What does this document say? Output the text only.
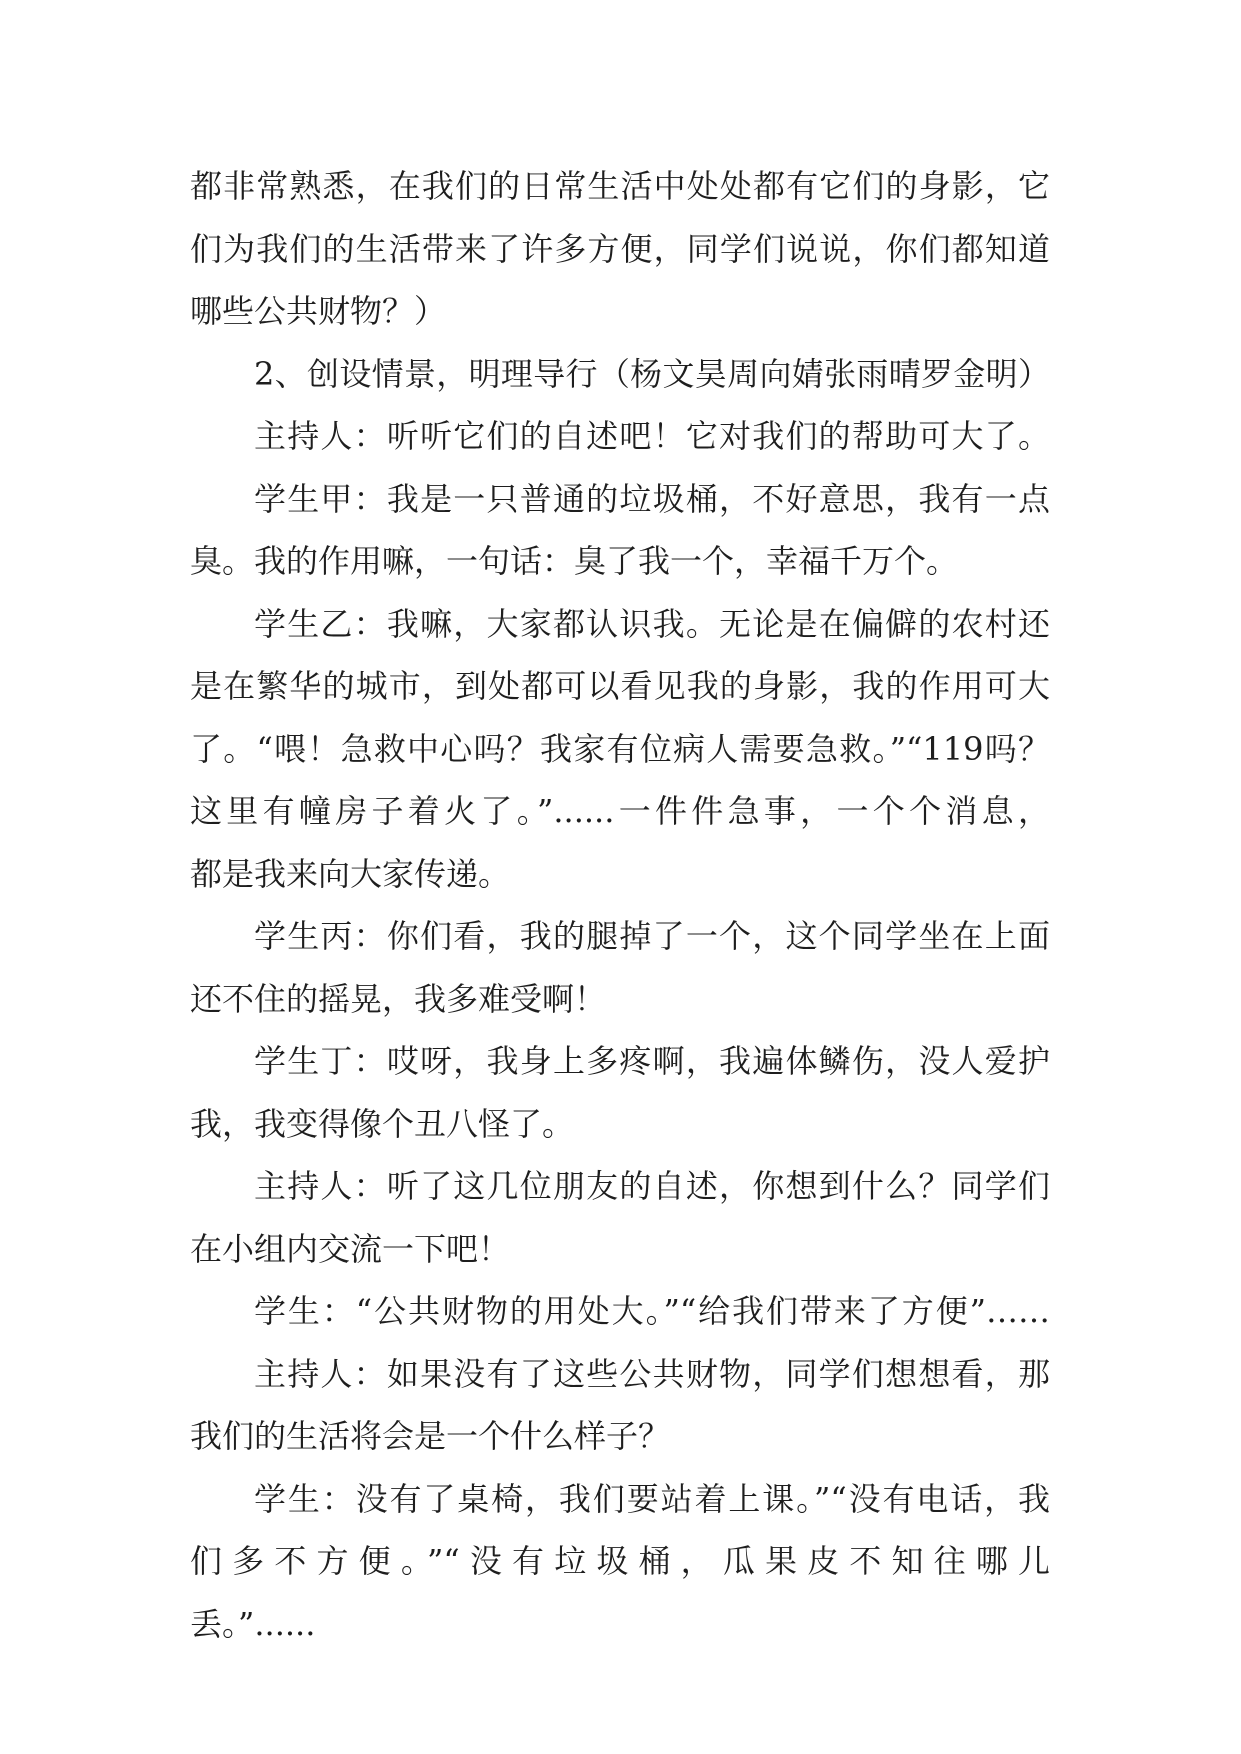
都非常熟悉，在我们的日常生活中处处都有它们的身影，它
们为我们的生活带来了许多方便，同学们说说，你们都知道
哪些公共财物？）
2、创设情景，明理导行（杨文昊周向婧张雨晴罗金明）
主持人：听听它们的自述吧！它对我们的帮助可大了。
学生甲：我是一只普通的垃圾桶，不好意思，我有一点
臭。我的作用嘛，一句话：臭了我一个，幸福千万个。
学生乙：我嘛，大家都认识我。无论是在偏僻的农村还
是在繁华的城市，到处都可以看见我的身影，我的作用可大
了。“喂！急救中心吗？我家有位病人需要急救。”“119吗？
这里有幢房子着火了。”......一件件急事，一个个消息，
都是我来向大家传递。
学生丙：你们看，我的腿掉了一个，这个同学坐在上面
还不住的摇晃，我多难受啊！
学生丁：哎呀，我身上多疼啊，我遍体鳞伤，没人爱护
我，我变得像个丑八怪了。
主持人：听了这几位朋友的自述，你想到什么？同学们
在小组内交流一下吧！
学生：“公共财物的用处大。”“给我们带来了方便”……
主持人：如果没有了这些公共财物，同学们想想看，那
我们的生活将会是一个什么样子？
学生：没有了桌椅，我们要站着上课。”“没有电话，我
们多不方便。”“没有垃圾桶，瓜果皮不知往哪儿
丢。”......
